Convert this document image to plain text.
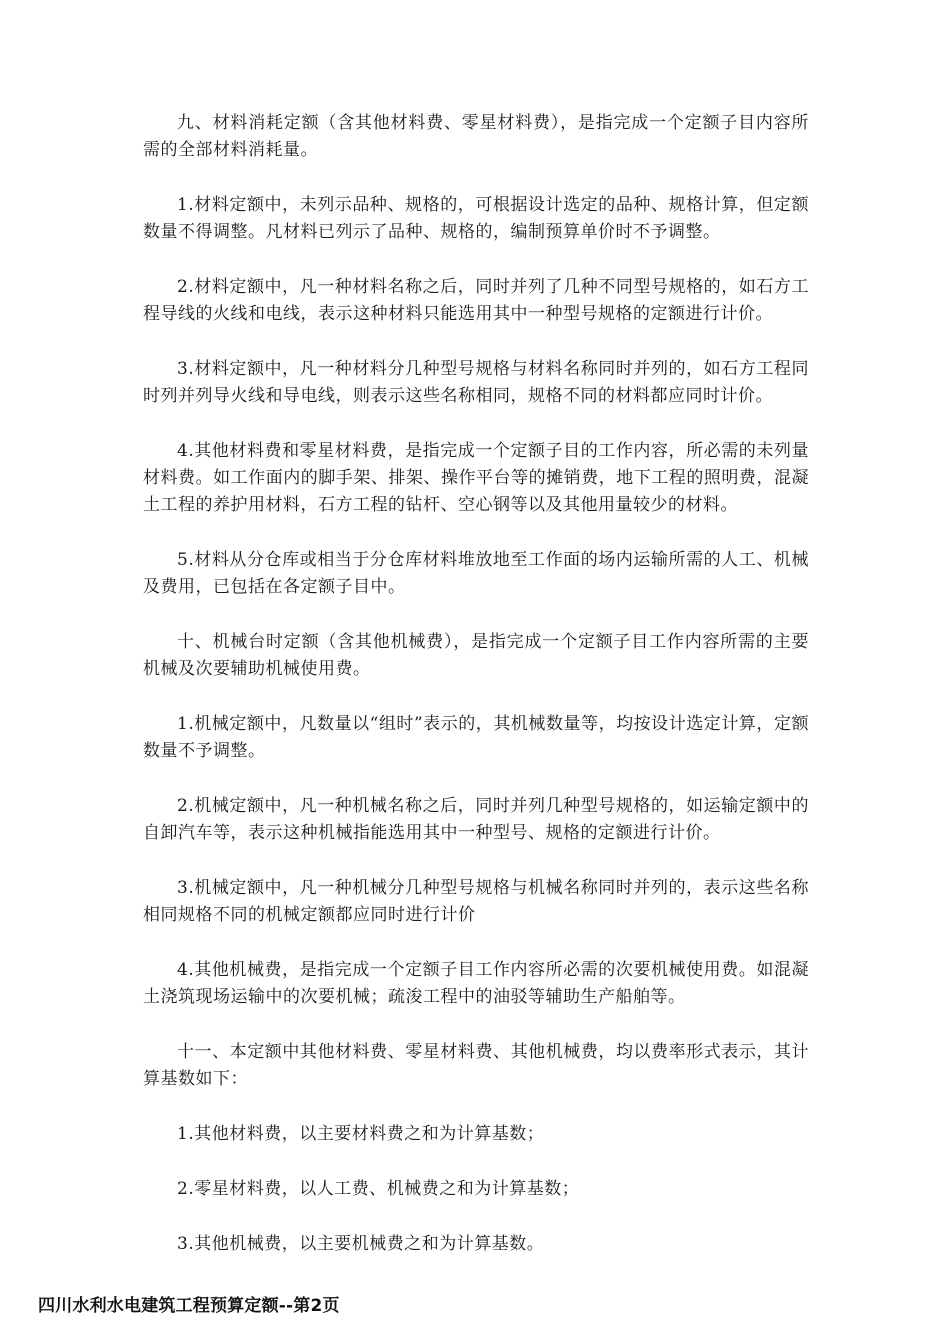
九、材料消耗定额（含其他材料费、零星材料费），是指完成一个定额子目内容所需的全部材料消耗量。

1.材料定额中，未列示品种、规格的，可根据设计选定的品种、规格计算，但定额数量不得调整。凡材料已列示了品种、规格的，编制预算单价时不予调整。

2.材料定额中，凡一种材料名称之后，同时并列了几种不同型号规格的，如石方工程导线的火线和电线，表示这种材料只能选用其中一种型号规格的定额进行计价。

3.材料定额中，凡一种材料分几种型号规格与材料名称同时并列的，如石方工程同时列并列导火线和导电线，则表示这些名称相同，规格不同的材料都应同时计价。

4.其他材料费和零星材料费，是指完成一个定额子目的工作内容，所必需的未列量材料费。如工作面内的脚手架、排架、操作平台等的摊销费，地下工程的照明费，混凝土工程的养护用材料，石方工程的钻杆、空心钢等以及其他用量较少的材料。

5.材料从分仓库或相当于分仓库材料堆放地至工作面的场内运输所需的人工、机械及费用，已包括在各定额子目中。

十、机械台时定额（含其他机械费），是指完成一个定额子目工作内容所需的主要机械及次要辅助机械使用费。

1.机械定额中，凡数量以“组时”表示的，其机械数量等，均按设计选定计算，定额数量不予调整。

2.机械定额中，凡一种机械名称之后，同时并列几种型号规格的，如运输定额中的自卸汽车等，表示这种机械指能选用其中一种型号、规格的定额进行计价。

3.机械定额中，凡一种机械分几种型号规格与机械名称同时并列的，表示这些名称相同规格不同的机械定额都应同时进行计价

4.其他机械费，是指完成一个定额子目工作内容所必需的次要机械使用费。如混凝土浇筑现场运输中的次要机械；疏浚工程中的油驳等辅助生产船舶等。

十一、本定额中其他材料费、零星材料费、其他机械费，均以费率形式表示，其计算基数如下：

1.其他材料费，以主要材料费之和为计算基数；

2.零星材料费，以人工费、机械费之和为计算基数；

3.其他机械费，以主要机械费之和为计算基数。

四川水利水电建筑工程预算定额--第2页
